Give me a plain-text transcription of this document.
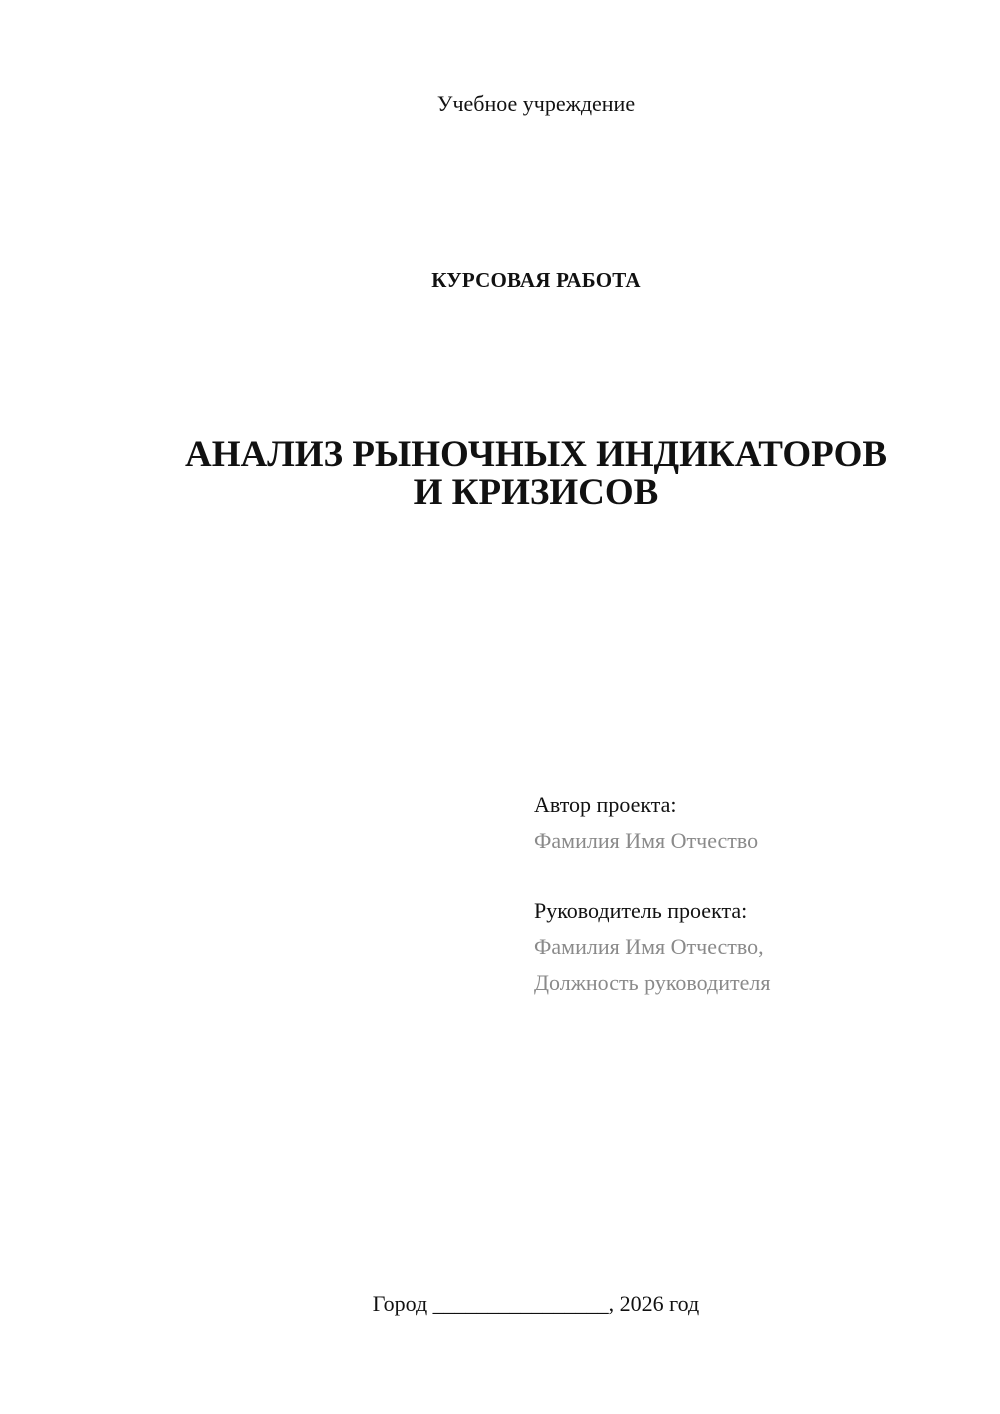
Учебное учреждение
КУРСОВАЯ РАБОТА
АНАЛИЗ РЫНОЧНЫХ ИНДИКАТОРОВ
И КРИЗИСОВ
Автор проекта:
Фамилия Имя Отчество
Руководитель проекта:
Фамилия Имя Отчество,
Должность руководителя
Город ________________, 2026 год
